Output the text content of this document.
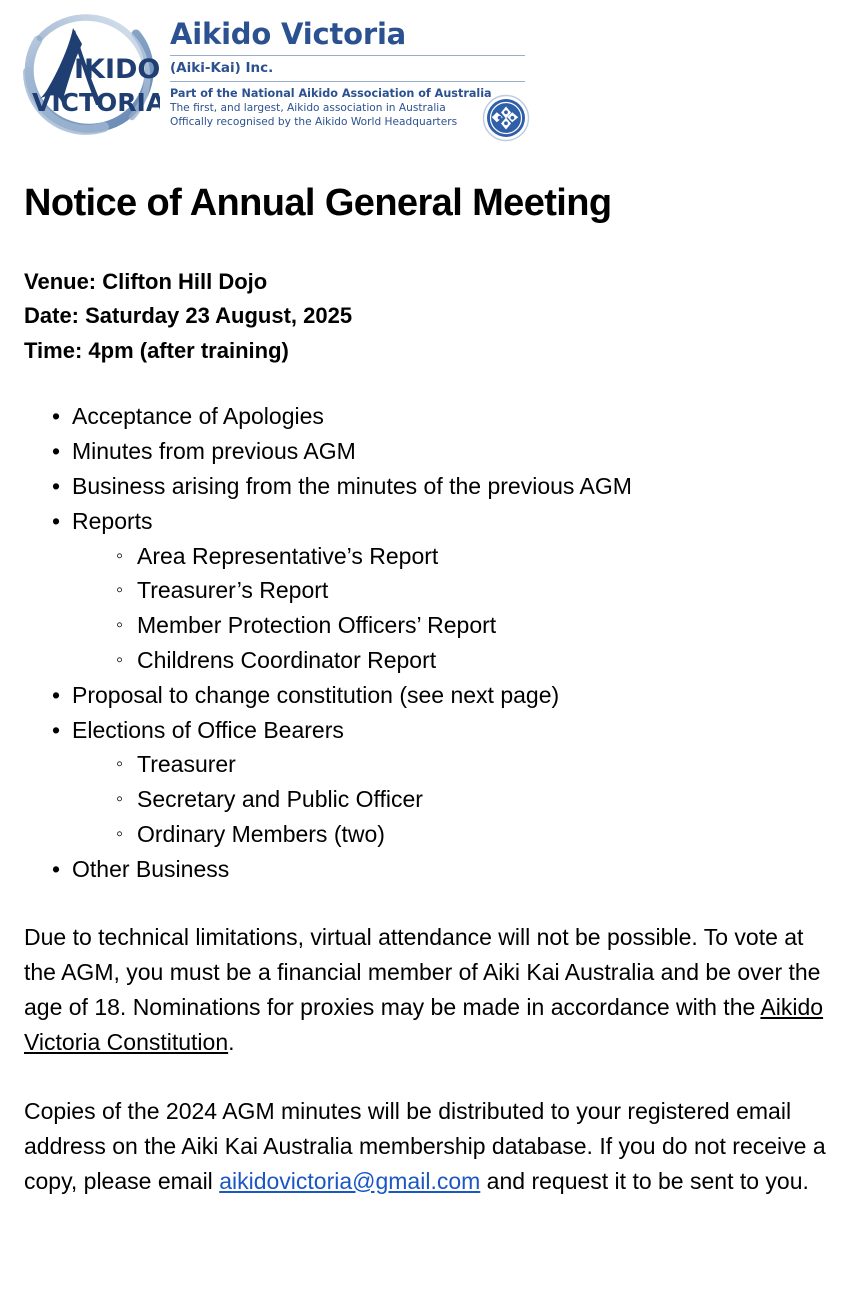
IKIDO
VICTORIA
Aikido Victoria
(Aiki-Kai) Inc.
Part of the National Aikido Association of Australia
The first, and largest, Aikido association in Australia
Offically recognised by the Aikido World Headquarters
Notice of Annual General Meeting
Venue: Clifton Hill Dojo
Date: Saturday 23 August, 2025
Time: 4pm (after training)
• Acceptance of Apologies
• Minutes from previous AGM
• Business arising from the minutes of the previous AGM
• Reports
◦ Area Representative’s Report
◦ Treasurer’s Report
◦ Member Protection Officers’ Report
◦ Childrens Coordinator Report
• Proposal to change constitution (see next page)
• Elections of Office Bearers
◦ Treasurer
◦ Secretary and Public Officer
◦ Ordinary Members (two)
• Other Business

Due to technical limitations, virtual attendance will not be possible. To vote at the AGM, you must be a financial member of Aiki Kai Australia and be over the age of 18. Nominations for proxies may be made in accordance with the Aikido Victoria Constitution.

Copies of the 2024 AGM minutes will be distributed to your registered email address on the Aiki Kai Australia membership database. If you do not receive a copy, please email aikidovictoria@gmail.com and request it to be sent to you.
